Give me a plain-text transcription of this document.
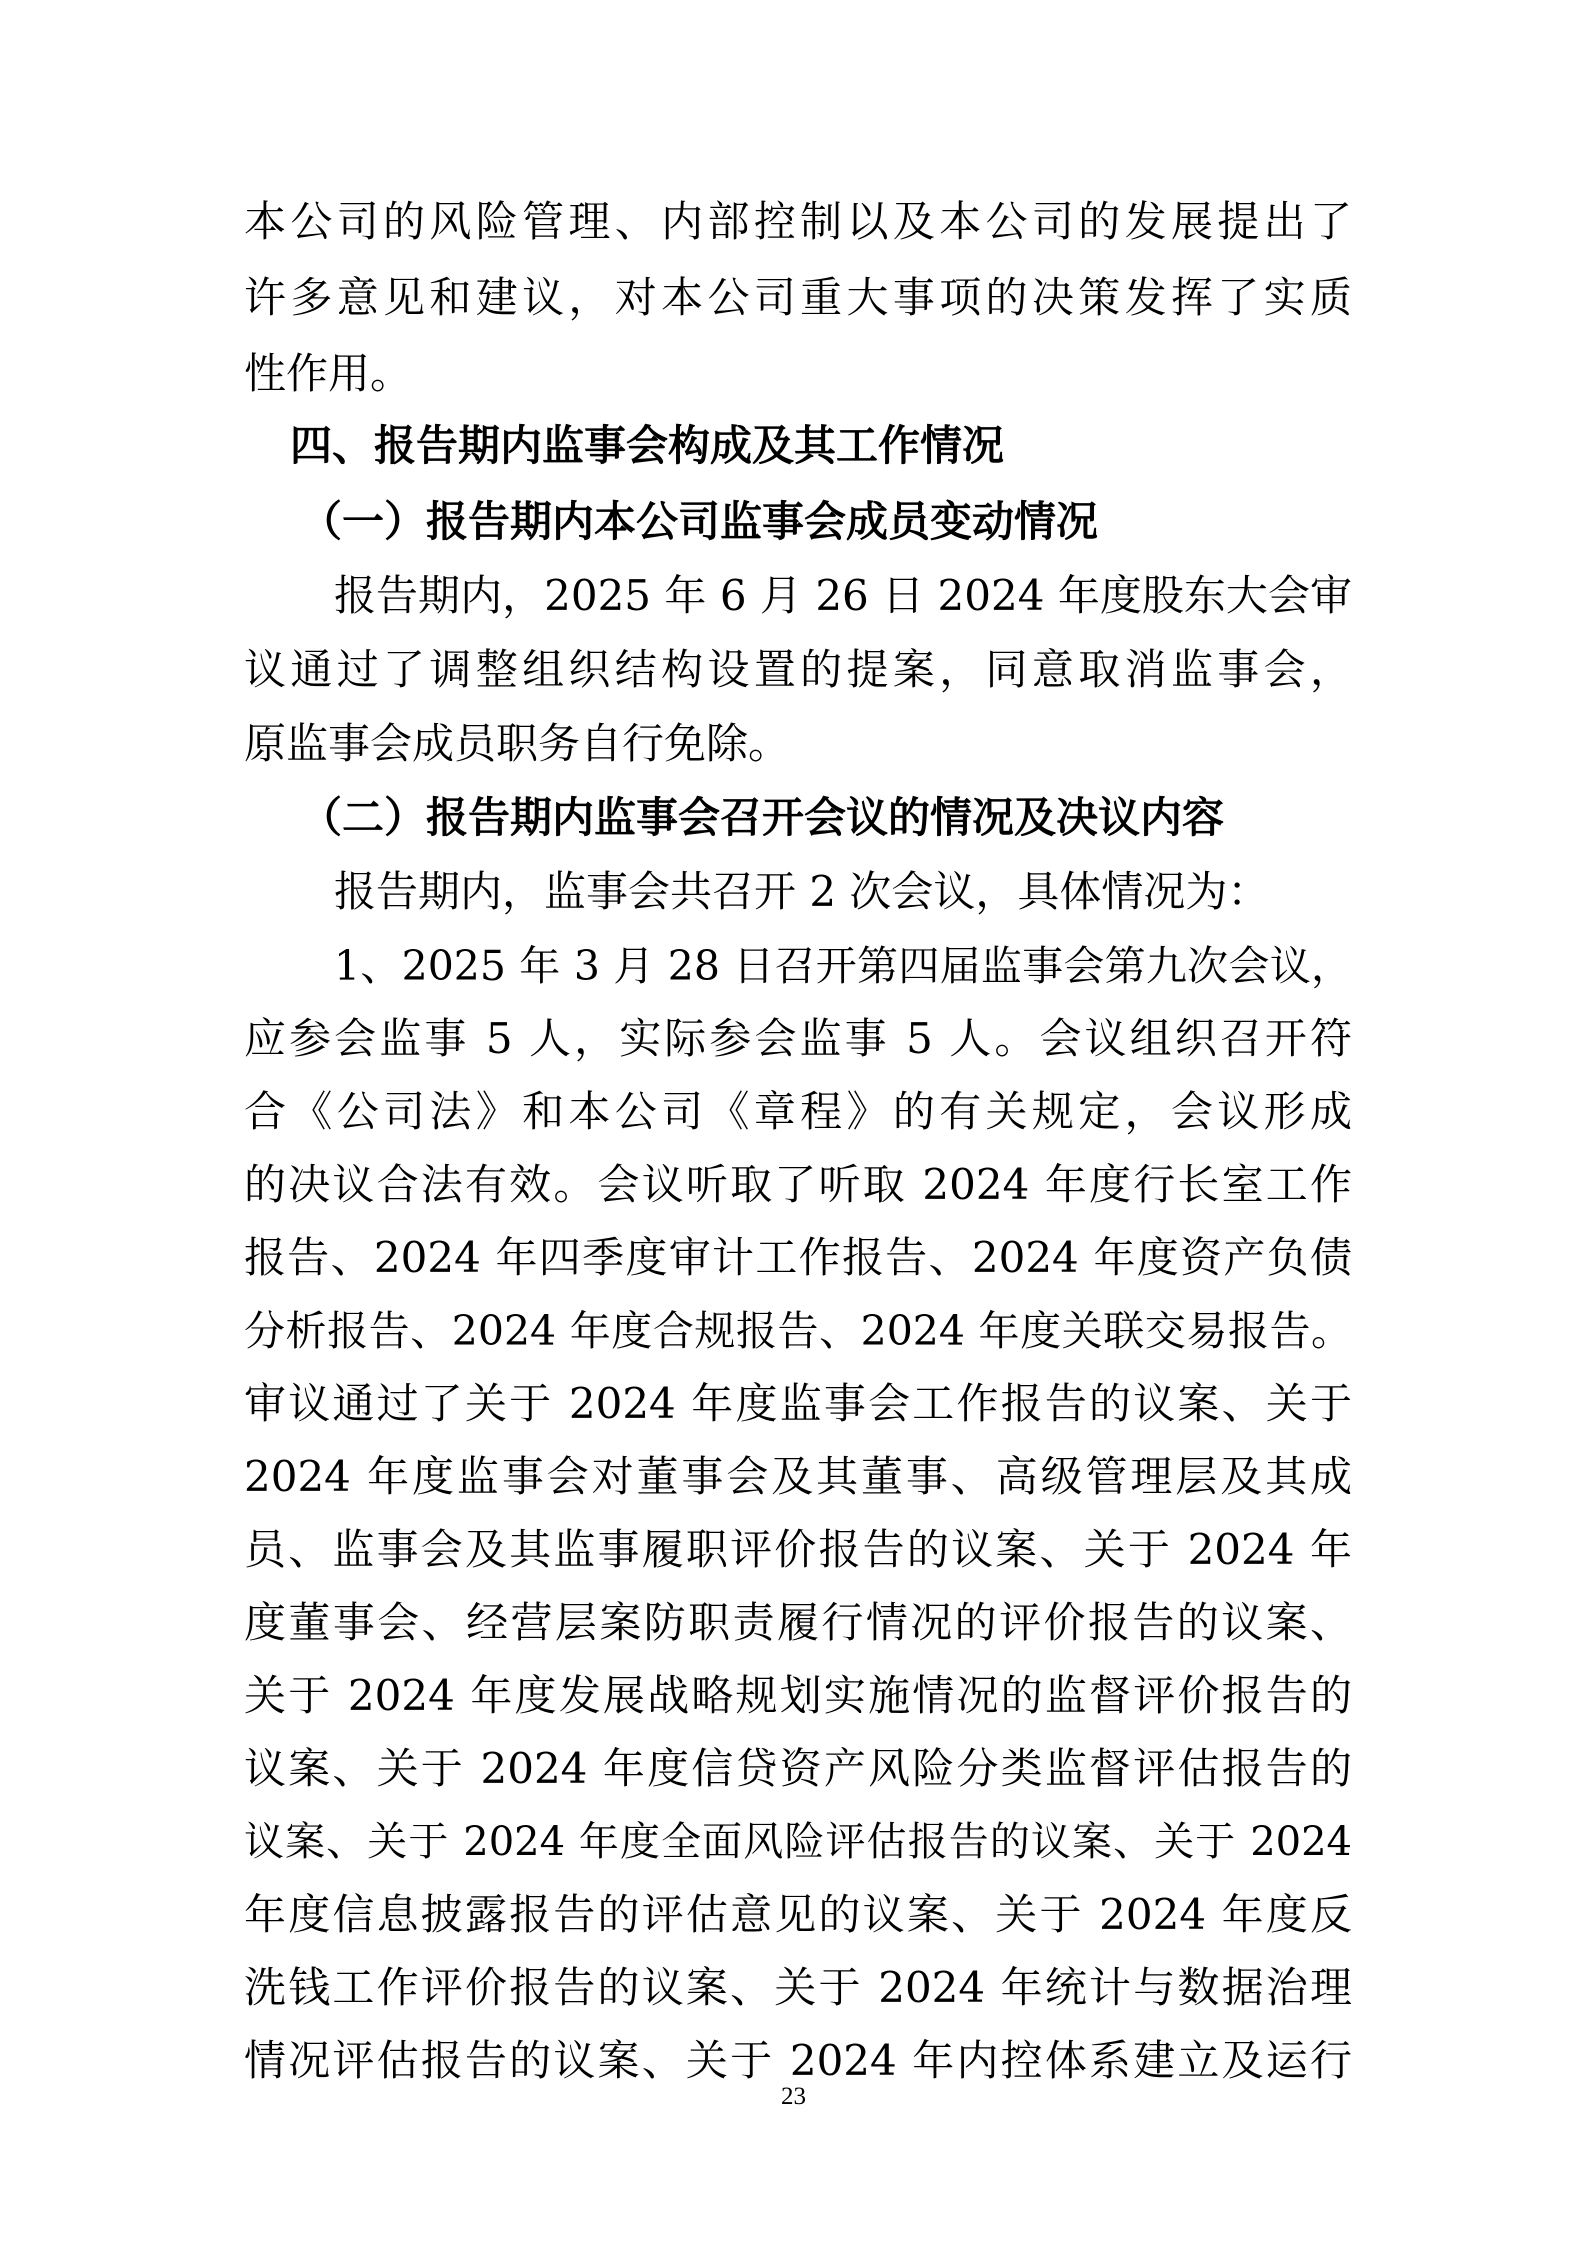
本公司的风险管理、内部控制以及本公司的发展提出了
许多意见和建议，对本公司重大事项的决策发挥了实质
性作用。
四、报告期内监事会构成及其工作情况
（一）报告期内本公司监事会成员变动情况
报告期内，2025 年 6 月 26 日 2024 年度股东大会审
议通过了调整组织结构设置的提案，同意取消监事会，
原监事会成员职务自行免除。
（二）报告期内监事会召开会议的情况及决议内容
报告期内，监事会共召开 2 次会议，具体情况为：
1、2025 年 3 月 28 日召开第四届监事会第九次会议，
应参会监事 5 人，实际参会监事 5 人。会议组织召开符
合《公司法》和本公司《章程》的有关规定，会议形成
的决议合法有效。会议听取了听取 2024 年度行长室工作
报告、2024 年四季度审计工作报告、2024 年度资产负债
分析报告、2024 年度合规报告、2024 年度关联交易报告。
审议通过了关于 2024 年度监事会工作报告的议案、关于
2024 年度监事会对董事会及其董事、高级管理层及其成
员、监事会及其监事履职评价报告的议案、关于 2024 年
度董事会、经营层案防职责履行情况的评价报告的议案、
关于 2024 年度发展战略规划实施情况的监督评价报告的
议案、关于 2024 年度信贷资产风险分类监督评估报告的
议案、关于 2024 年度全面风险评估报告的议案、关于 2024
年度信息披露报告的评估意见的议案、关于 2024 年度反
洗钱工作评价报告的议案、关于 2024 年统计与数据治理
情况评估报告的议案、关于 2024 年内控体系建立及运行
23
